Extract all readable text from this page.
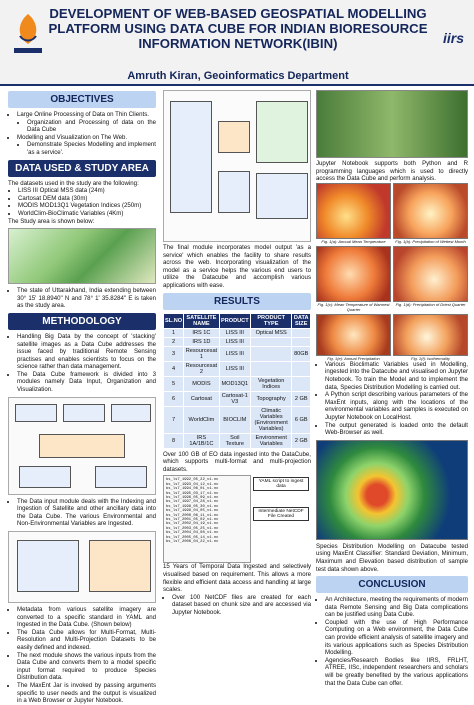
DEVELOPMENT OF WEB-BASED GEOSPATIAL MODELLING PLATFORM USING DATA CUBE FOR INDIAN BIORESOURCE INFORMATION NETWORK(IBIN)
Amruth Kiran, Geoinformatics Department
iirs
OBJECTIVES
• Large Online Processing of Data on Thin Clients.
• Organization and Processing of data on the Data Cube
• Modelling and Visualization on The Web.
• Demonstrate Species Modelling and implement 'as a service'.
DATA USED & STUDY AREA
The datasets used in the study are the following:
• LISS III Optical MSS data (24m)
• Cartosat DEM data (30m)
• MODIS MOD13Q1 Vegetation Indices (250m)
• WorldClim-BioClimatic Variables (4Km)
The Study area is shown below:
• The state of Uttarakhand, India extending between 30° 15' 18.8940'' N and 78° 1' 35.8284'' E is taken as the study area.
METHODOLOGY
• Handling Big Data by the concept of 'stacking' satellite images as a Data Cube addresses the issue faced by traditional Remote Sensing practises and enables scientists to focus on the science rather than data management.
• The Data Cube framework is divided into 3 modules namely Data Input, Organization and Visualization.
• The Data input module deals with the Indexing and Ingestion of Satellite and other ancillary data into the Data Cube. The various Environmental and Non-Environmental Variables are Ingested.
• Metadata from various satellite imagery are converted to a specific standard in YAML and Ingested in the Data Cube. (Shown below)
• The Data Cube allows for Multi-Format, Multi-Resolution and Multi-Projection Datasets to be easily defined and indexed.
• The next module shows the various inputs from the Data Cube and converts them to a model specific input format required to produce Species Distribution data.
• The MaxEnt Jar is invoked by passing arguments specific to user needs and the output is visualized in a Web Browser or Jupyter Notebook.
The final module incorporates model output 'as a service' which enables the facility to share results across the web. Incorporating visualization of the model as a service helps the various end users to utilize the Datacube and accomplish various applications with ease.
RESULTS
SL.NO	SATELLITE NAME	PRODUCT	PRODUCT TYPE	DATA SIZE
1	IRS 1C	LISS III	Optical MSS	
2	IRS 1D	LISS III		
3	Resourcesat 1	LISS III		80GB
4	Resourcesat 2	LISS III		
5	MODIS	MOD13Q1	Vegetation Indices	
6	Cartosat	Cartosat-1 V3	Topography	2 GB
7	WorldClim	BIOCLIM	Climatic Variables (Environment Variables)	6 GB
8	IRS 1A/1B/1C	Soil Texture	Environment Variables	2 GB
Over 100 GB of EO data ingested into the DataCube, which supports multi-format and multi-projection datasets.
bs_ls7_1992_05_22_v1.nc
bs_ls7_1993_04_12_v1.nc
bs_ls7_1994_06_01_v1.nc
bs_ls7_1995_03_17_v1.nc
bs_ls7_1996_05_09_v1.nc
bs_ls7_1997_04_28_v1.nc
bs_ls7_1998_05_30_v1.nc
bs_ls7_1999_04_05_v1.nc
bs_ls7_2000_06_11_v1.nc
bs_ls7_2001_05_02_v1.nc
bs_ls7_2002_04_19_v1.nc
bs_ls7_2003_05_25_v1.nc
bs_ls7_2004_04_08_v1.nc
bs_ls7_2005_05_14_v1.nc
bs_ls7_2006_04_22_v1.nc
YAML script to ingest data
Intermediate NetCDF File Created
15 Years of Temporal Data Ingested and selectively visualised based on requirement. This allows a more flexible and efficient data access and handling at large scales.
• Over 100 NetCDF files are created for each dataset based on chunk size and are accessed via Jupyter Notebook.
Jupyter Notebook supports both Python and R programming languages which is used to directly access the Data Cube and perform analysis.
Fig. 1(a): Annual Mean Temperature	Fig. 1(b): Precipitation of Wettest Month
Fig. 1(c): Mean Temperature of Warmest Quarter
Fig. 1(d): Precipitation of Driest Quarter
Fig. 1(e): Annual Precipitation	Fig. 1(f): Isothermality
• Various Bioclimatic Variables used in Modelling, ingested into the Datacube and visualised on Jupyter Notebook. To train the Model and to implement the data, Species Distribution Modelling is carried out.
• A Python script describing various parameters of the MaxEnt inputs, along with the locations of the environmental variables and samples is executed on Jupyter Notebook on LocalHost.
• The output generated is loaded onto the default Web-Browser as well.
Species Distribution Modelling on Datacube tested using MaxEnt Classifier: Standard Deviation, Minimum, Maximum and Elevation based distribution of sample test data shown above.
CONCLUSION
• An Architecture, meeting the requirements of modern data Remote Sensing and Big Data complications can be justified using Data Cube.
• Coupled with the use of High Performance Computing on a Web environment, the Data Cube can provide efficient analysis of satellite imagery and its various applications such as Species Distribution Modelling.
• Agencies/Research Bodies like IIRS, FRLHT, ATREE, IISc, independent researchers and scholars will be greatly benefited by the various applications that the Data Cube can offer.
